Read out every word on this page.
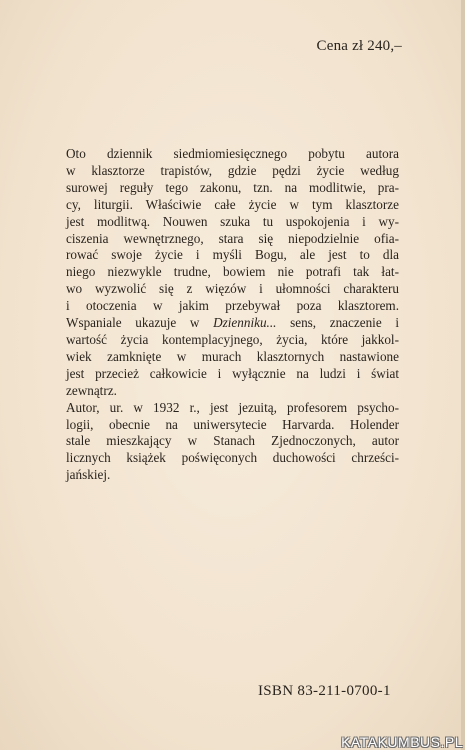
Cena zł 240,–

Oto dziennik siedmiomiesięcznego pobytu autora
w klasztorze trapistów, gdzie pędzi życie według
surowej reguły tego zakonu, tzn. na modlitwie, pra-
cy, liturgii. Właściwie całe życie w tym klasztorze
jest modlitwą. Nouwen szuka tu uspokojenia i wy-
ciszenia wewnętrznego, stara się niepodzielnie ofia-
rować swoje życie i myśli Bogu, ale jest to dla
niego niezwykle trudne, bowiem nie potrafi tak łat-
wo wyzwolić się z więzów i ułomności charakteru
i otoczenia w jakim przebywał poza klasztorem.
Wspaniale ukazuje w Dzienniku... sens, znaczenie i
wartość życia kontemplacyjnego, życia, które jakkol-
wiek zamknięte w murach klasztornych nastawione
jest przecież całkowicie i wyłącznie na ludzi i świat
zewnątrz.

Autor, ur. w 1932 r., jest jezuitą, profesorem psycho-
logii, obecnie na uniwersytecie Harvarda. Holender
stale mieszkający w Stanach Zjednoczonych, autor
licznych książek poświęconych duchowości chrześci-
jańskiej.

ISBN 83-211-0700-1
KATAKUMBUS.PL
